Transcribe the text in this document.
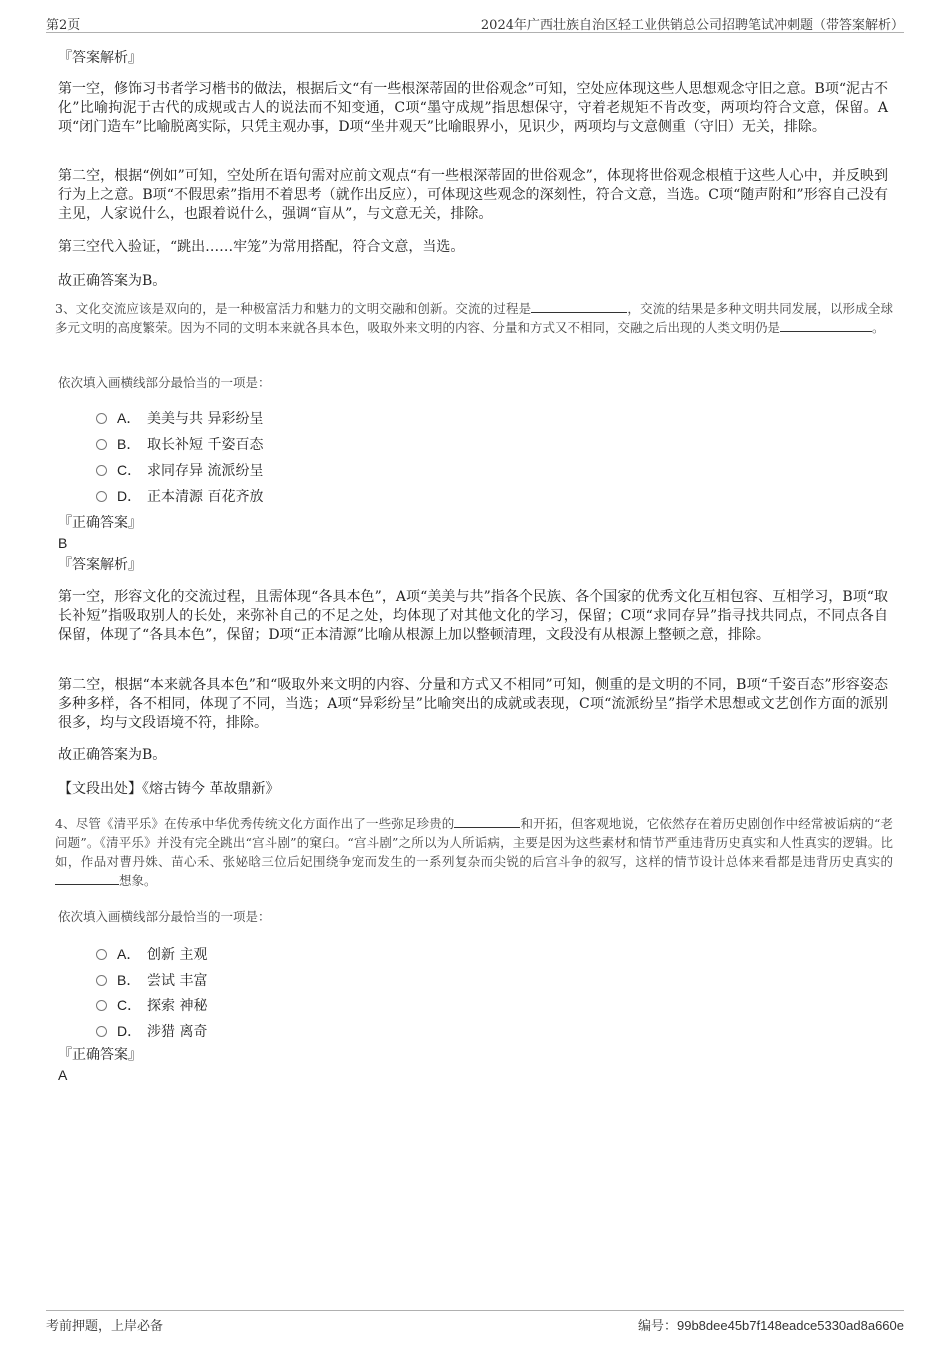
第2页	2024年广西壮族自治区轻工业供销总公司招聘笔试冲刺题（带答案解析）
『答案解析』

第一空，修饰习书者学习楷书的做法，根据后文“有一些根深蒂固的世俗观念”可知，空处应体现这些人思想观念守旧之意。B项“泥古不化”比喻拘泥于古代的成规或古人的说法而不知变通，C项“墨守成规”指思想保守，守着老规矩不肯改变，两项均符合文意，保留。A项“闭门造车”比喻脱离实际，只凭主观办事，D项“坐井观天”比喻眼界小，见识少，两项均与文意侧重（守旧）无关，排除。

第二空，根据“例如”可知，空处所在语句需对应前文观点“有一些根深蒂固的世俗观念”，体现将世俗观念根植于这些人心中，并反映到行为上之意。B项“不假思索”指用不着思考（就作出反应），可体现这些观念的深刻性，符合文意，当选。C项“随声附和”形容自己没有主见，人家说什么，也跟着说什么，强调“盲从”，与文意无关，排除。

第三空代入验证，“跳出……牢笼”为常用搭配，符合文意，当选。

故正确答案为B。

3、文化交流应该是双向的，是一种极富活力和魅力的文明交融和创新。交流的过程是	，交流的结果是多种文明共同发展，以形成全球多元文明的高度繁荣。因为不同的文明本来就各具本色，吸取外来文明的内容、分量和方式又不相同，交融之后出现的人类文明仍是	。

依次填入画横线部分最恰当的一项是：
A． 美美与共 异彩纷呈
B． 取长补短 千姿百态
C． 求同存异 流派纷呈
D． 正本清源 百花齐放
『正确答案』
B
『答案解析』

第一空，形容文化的交流过程，且需体现“各具本色”，A项“美美与共”指各个民族、各个国家的优秀文化互相包容、互相学习，B项“取长补短”指吸取别人的长处，来弥补自己的不足之处，均体现了对其他文化的学习，保留；C项“求同存异”指寻找共同点，不同点各自保留，体现了“各具本色”，保留；D项“正本清源”比喻从根源上加以整顿清理，文段没有从根源上整顿之意，排除。

第二空，根据“本来就各具本色”和“吸取外来文明的内容、分量和方式又不相同”可知，侧重的是文明的不同，B项“千姿百态”形容姿态多种多样，各不相同，体现了不同，当选；A项“异彩纷呈”比喻突出的成就或表现，C项“流派纷呈”指学术思想或文艺创作方面的派别很多，均与文段语境不符，排除。

故正确答案为B。

【文段出处】《熔古铸今 革故鼎新》

4、尽管《清平乐》在传承中华优秀传统文化方面作出了一些弥足珍贵的	和开拓，但客观地说，它依然存在着历史剧创作中经常被诟病的“老问题”。《清平乐》并没有完全跳出“宫斗剧”的窠臼。“宫斗剧”之所以为人所诟病，主要是因为这些素材和情节严重违背历史真实和人性真实的逻辑。比如，作品对曹丹姝、苗心禾、张妼晗三位后妃围绕争宠而发生的一系列复杂而尖锐的后宫斗争的叙写，这样的情节设计总体来看都是违背历史真实的想象。

依次填入画横线部分最恰当的一项是：
A． 创新 主观
B． 尝试 丰富
C． 探索 神秘
D． 涉猎 离奇
『正确答案』
A
考前押题，上岸必备	编号：99b8dee45b7f148eadce5330ad8a660e
